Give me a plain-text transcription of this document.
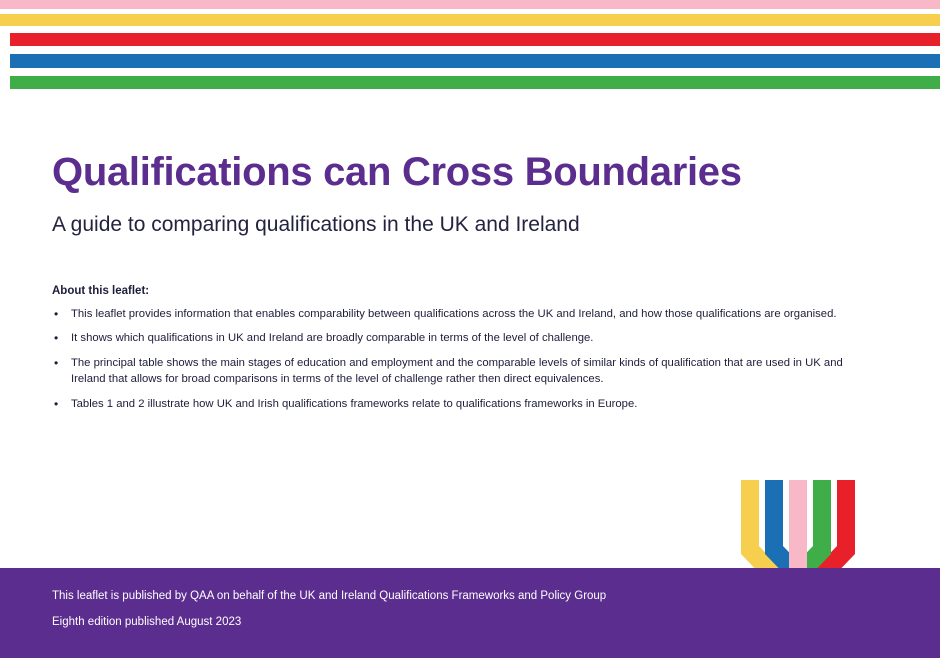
Qualifications can Cross Boundaries
A guide to comparing qualifications in the UK and Ireland
About this leaflet:
• This leaflet provides information that enables comparability between qualifications across the UK and Ireland, and how those qualifications are organised.
• It shows which qualifications in UK and Ireland are broadly comparable in terms of the level of challenge.
• The principal table shows the main stages of education and employment and the comparable levels of similar kinds of qualification that are used in UK and Ireland that allows for broad comparisons in terms of the level of challenge rather then direct equivalences.
• Tables 1 and 2 illustrate how UK and Irish qualifications frameworks relate to qualifications frameworks in Europe.
This leaflet is published by QAA on behalf of the UK and Ireland Qualifications Frameworks and Policy Group
Eighth edition published August 2023
